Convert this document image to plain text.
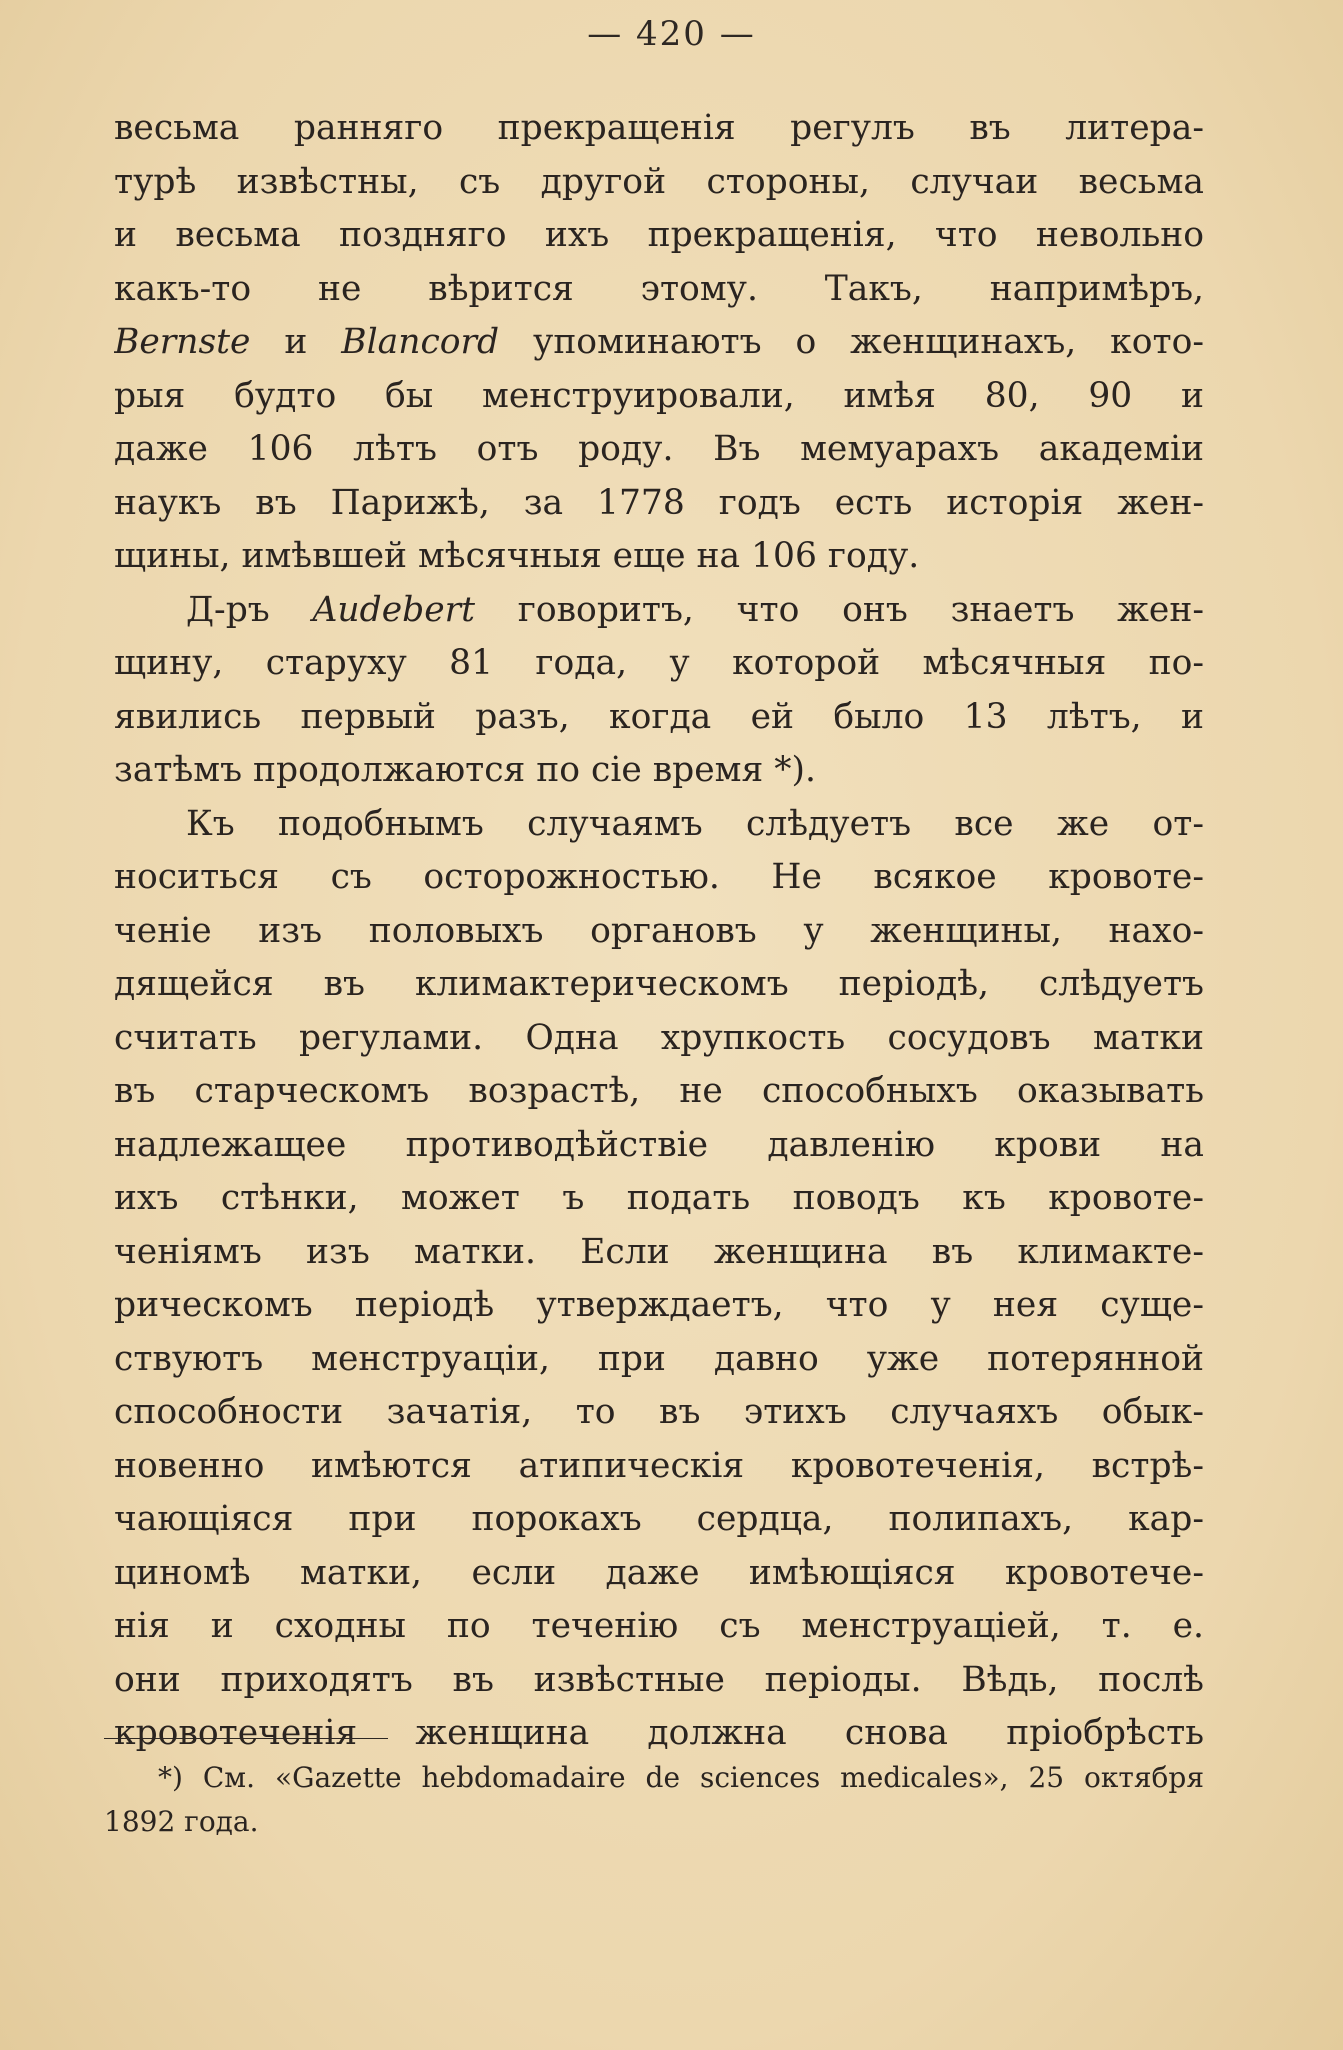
— 420 —
весьма ранняго прекращенія регулъ въ литера-
турѣ извѣстны, съ другой стороны, случаи весьма
и весьма поздняго ихъ прекращенія, что невольно
какъ-то не вѣрится этому. Такъ, напримѣръ,
Bernste и Blancord упоминаютъ о женщинахъ, кото-
рыя будто бы менструировали, имѣя 80, 90 и
даже 106 лѣтъ отъ роду. Въ мемуарахъ академіи
наукъ въ Парижѣ, за 1778 годъ есть исторія жен-
щины, имѣвшей мѣсячныя еще на 106 году.
Д-ръ Audebert говоритъ, что онъ знаетъ жен-
щину, старуху 81 года, у которой мѣсячныя по-
явились первый разъ, когда ей было 13 лѣтъ, и
затѣмъ продолжаются по сіе время *).
Къ подобнымъ случаямъ слѣдуетъ все же от-
носиться съ осторожностью. Не всякое кровоте-
ченіе изъ половыхъ органовъ у женщины, нахо-
дящейся въ климактерическомъ періодѣ, слѣдуетъ
считать регулами. Одна хрупкость сосудовъ матки
въ старческомъ возрастѣ, не способныхъ оказывать
надлежащее противодѣйствіе давленію крови на
ихъ стѣнки, может ъ подать поводъ къ кровоте-
ченіямъ изъ матки. Если женщина въ климакте-
рическомъ періодѣ утверждаетъ, что у нея суще-
ствуютъ менструаціи, при давно уже потерянной
способности зачатія, то въ этихъ случаяхъ обык-
новенно имѣются атипическія кровотеченія, встрѣ-
чающіяся при порокахъ сердца, полипахъ, кар-
циномѣ матки, если даже имѣющіяся кровотече-
нія и сходны по теченію съ менструаціей, т. е.
они приходятъ въ извѣстные періоды. Вѣдь, послѣ
кровотеченія женщина должна снова пріобрѣсть
*) См. «Gazette hebdomadaire de sciences medicales», 25 октября
1892 года.
